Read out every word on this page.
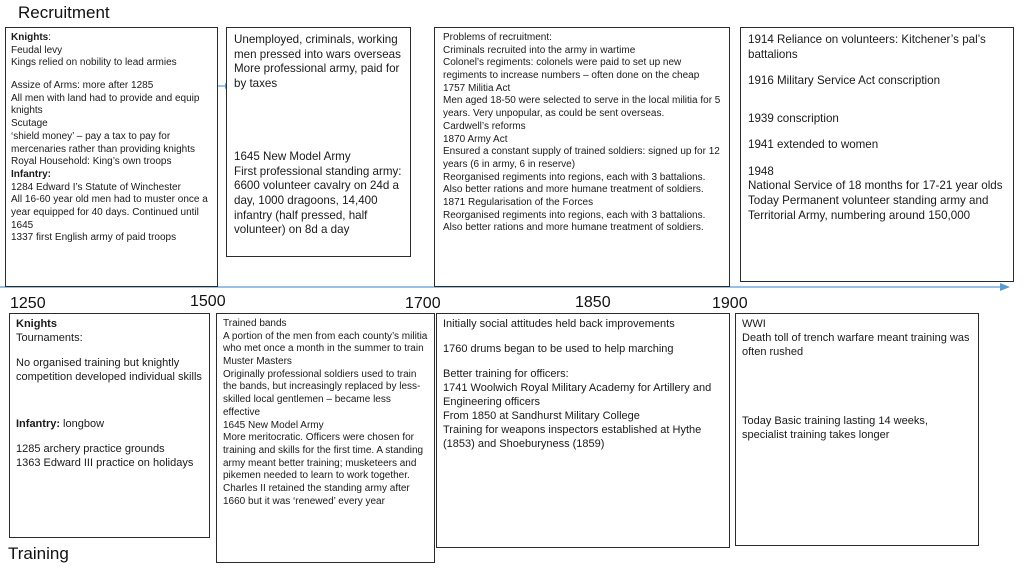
Recruitment
Training
1250	1500	1700	1850	1900

Knights:

Feudal levy

Kings relied on nobility to lead armies

Assize of Arms: more after 1285

All men with land had to provide and equip knights

Scutage

‘shield money’ – pay a tax to pay for mercenaries rather than providing knights

Royal Household: King’s own troops

Infantry:

1284 Edward I’s Statute of Winchester

All 16-60 year old men had to muster once a year equipped for 40 days. Continued until 1645

1337 first English army of paid troops

Unemployed, criminals, working men pressed into wars overseas

More professional army, paid for by taxes

1645 New Model Army

First professional standing army: 6600 volunteer cavalry on 24d a day, 1000 dragoons, 14,400 infantry (half pressed, half volunteer) on 8d a day

Problems of recruitment:

Criminals recruited into the army in wartime

Colonel’s regiments: colonels were paid to set up new regiments to increase numbers – often done on the cheap

1757 Militia Act

Men aged 18-50 were selected to serve in the local militia for 5 years. Very unpopular, as could be sent overseas.

Cardwell’s reforms

1870 Army Act

Ensured a constant supply of trained soldiers: signed up for 12 years (6 in army, 6 in reserve)

Reorganised regiments into regions, each with 3 battalions. Also better rations and more humane treatment of soldiers.

1871 Regularisation of the Forces

Reorganised regiments into regions, each with 3 battalions. Also better rations and more humane treatment of soldiers.

1914 Reliance on volunteers: Kitchener’s pal’s battalions

1916 Military Service Act conscription

1939 conscription

1941 extended to women

1948

National Service of 18 months for 17-21 year olds

Today Permanent volunteer standing army and Territorial Army, numbering around 150,000

Knights

Tournaments:

No organised training but knightly competition developed individual skills

Infantry: longbow

1285 archery practice grounds

1363 Edward III practice on holidays

Trained bands

A portion of the men from each county’s militia who met once a month in the summer to train

Muster Masters

Originally professional soldiers used to train the bands, but increasingly replaced by less-skilled local gentlemen – became less effective

1645 New Model Army

More meritocratic. Officers were chosen for training and skills for the first time. A standing army meant better training; musketeers and pikemen needed to learn to work together.

Charles II retained the standing army after 1660 but it was ‘renewed’ every year

Initially social attitudes held back improvements

1760 drums began to be used to help marching

Better training for officers:

1741 Woolwich Royal Military Academy for Artillery and Engineering officers

From 1850 at Sandhurst Military College

Training for weapons inspectors established at Hythe (1853) and Shoeburyness (1859)

WWI

Death toll of trench warfare meant training was often rushed

Today Basic training lasting 14 weeks, specialist training takes longer
